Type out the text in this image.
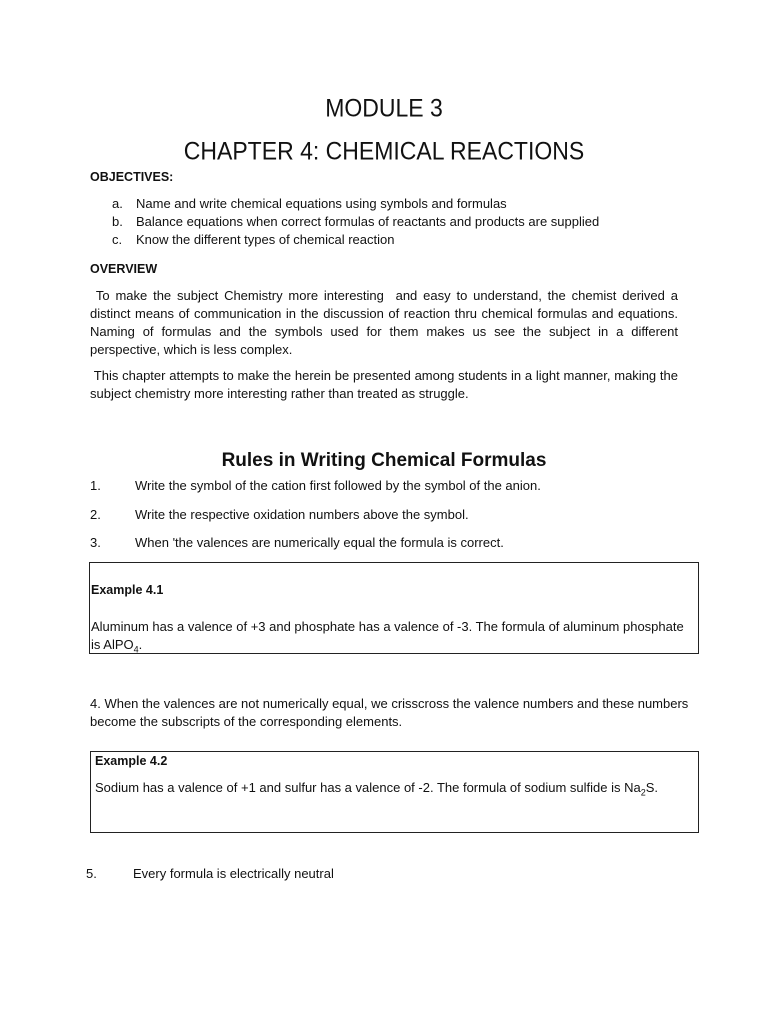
MODULE 3
CHAPTER 4: CHEMICAL REACTIONS
OBJECTIVES:
a.	Name and write chemical equations using symbols and formulas
b.	Balance equations when correct formulas of reactants and products are supplied
c.	Know the different types of chemical reaction
OVERVIEW

To make the subject Chemistry more interesting  and easy to understand, the chemist derived a distinct means of communication in the discussion of reaction thru chemical formulas and equations. Naming of formulas and the symbols used for them makes us see the subject in a different perspective, which is less complex.

This chapter attempts to make the herein be presented among students in a light manner, making the subject chemistry more interesting rather than treated as struggle.

Rules in Writing Chemical Formulas
1.	Write the symbol of the cation first followed by the symbol of the anion.
2.	Write the respective oxidation numbers above the symbol.
3.	When 'the valences are numerically equal the formula is correct.
Example 4.1
Aluminum has a valence of +3 and phosphate has a valence of -3. The formula of aluminum phosphate is AlPO$_4$.

4. When the valences are not numerically equal, we crisscross the valence numbers and these numbers become the subscripts of the corresponding elements.

Example 4.2
Sodium has a valence of +1 and sulfur has a valence of -2. The formula of sodium sulfide is $Na_2S$.
5.	Every formula is electrically neutral
